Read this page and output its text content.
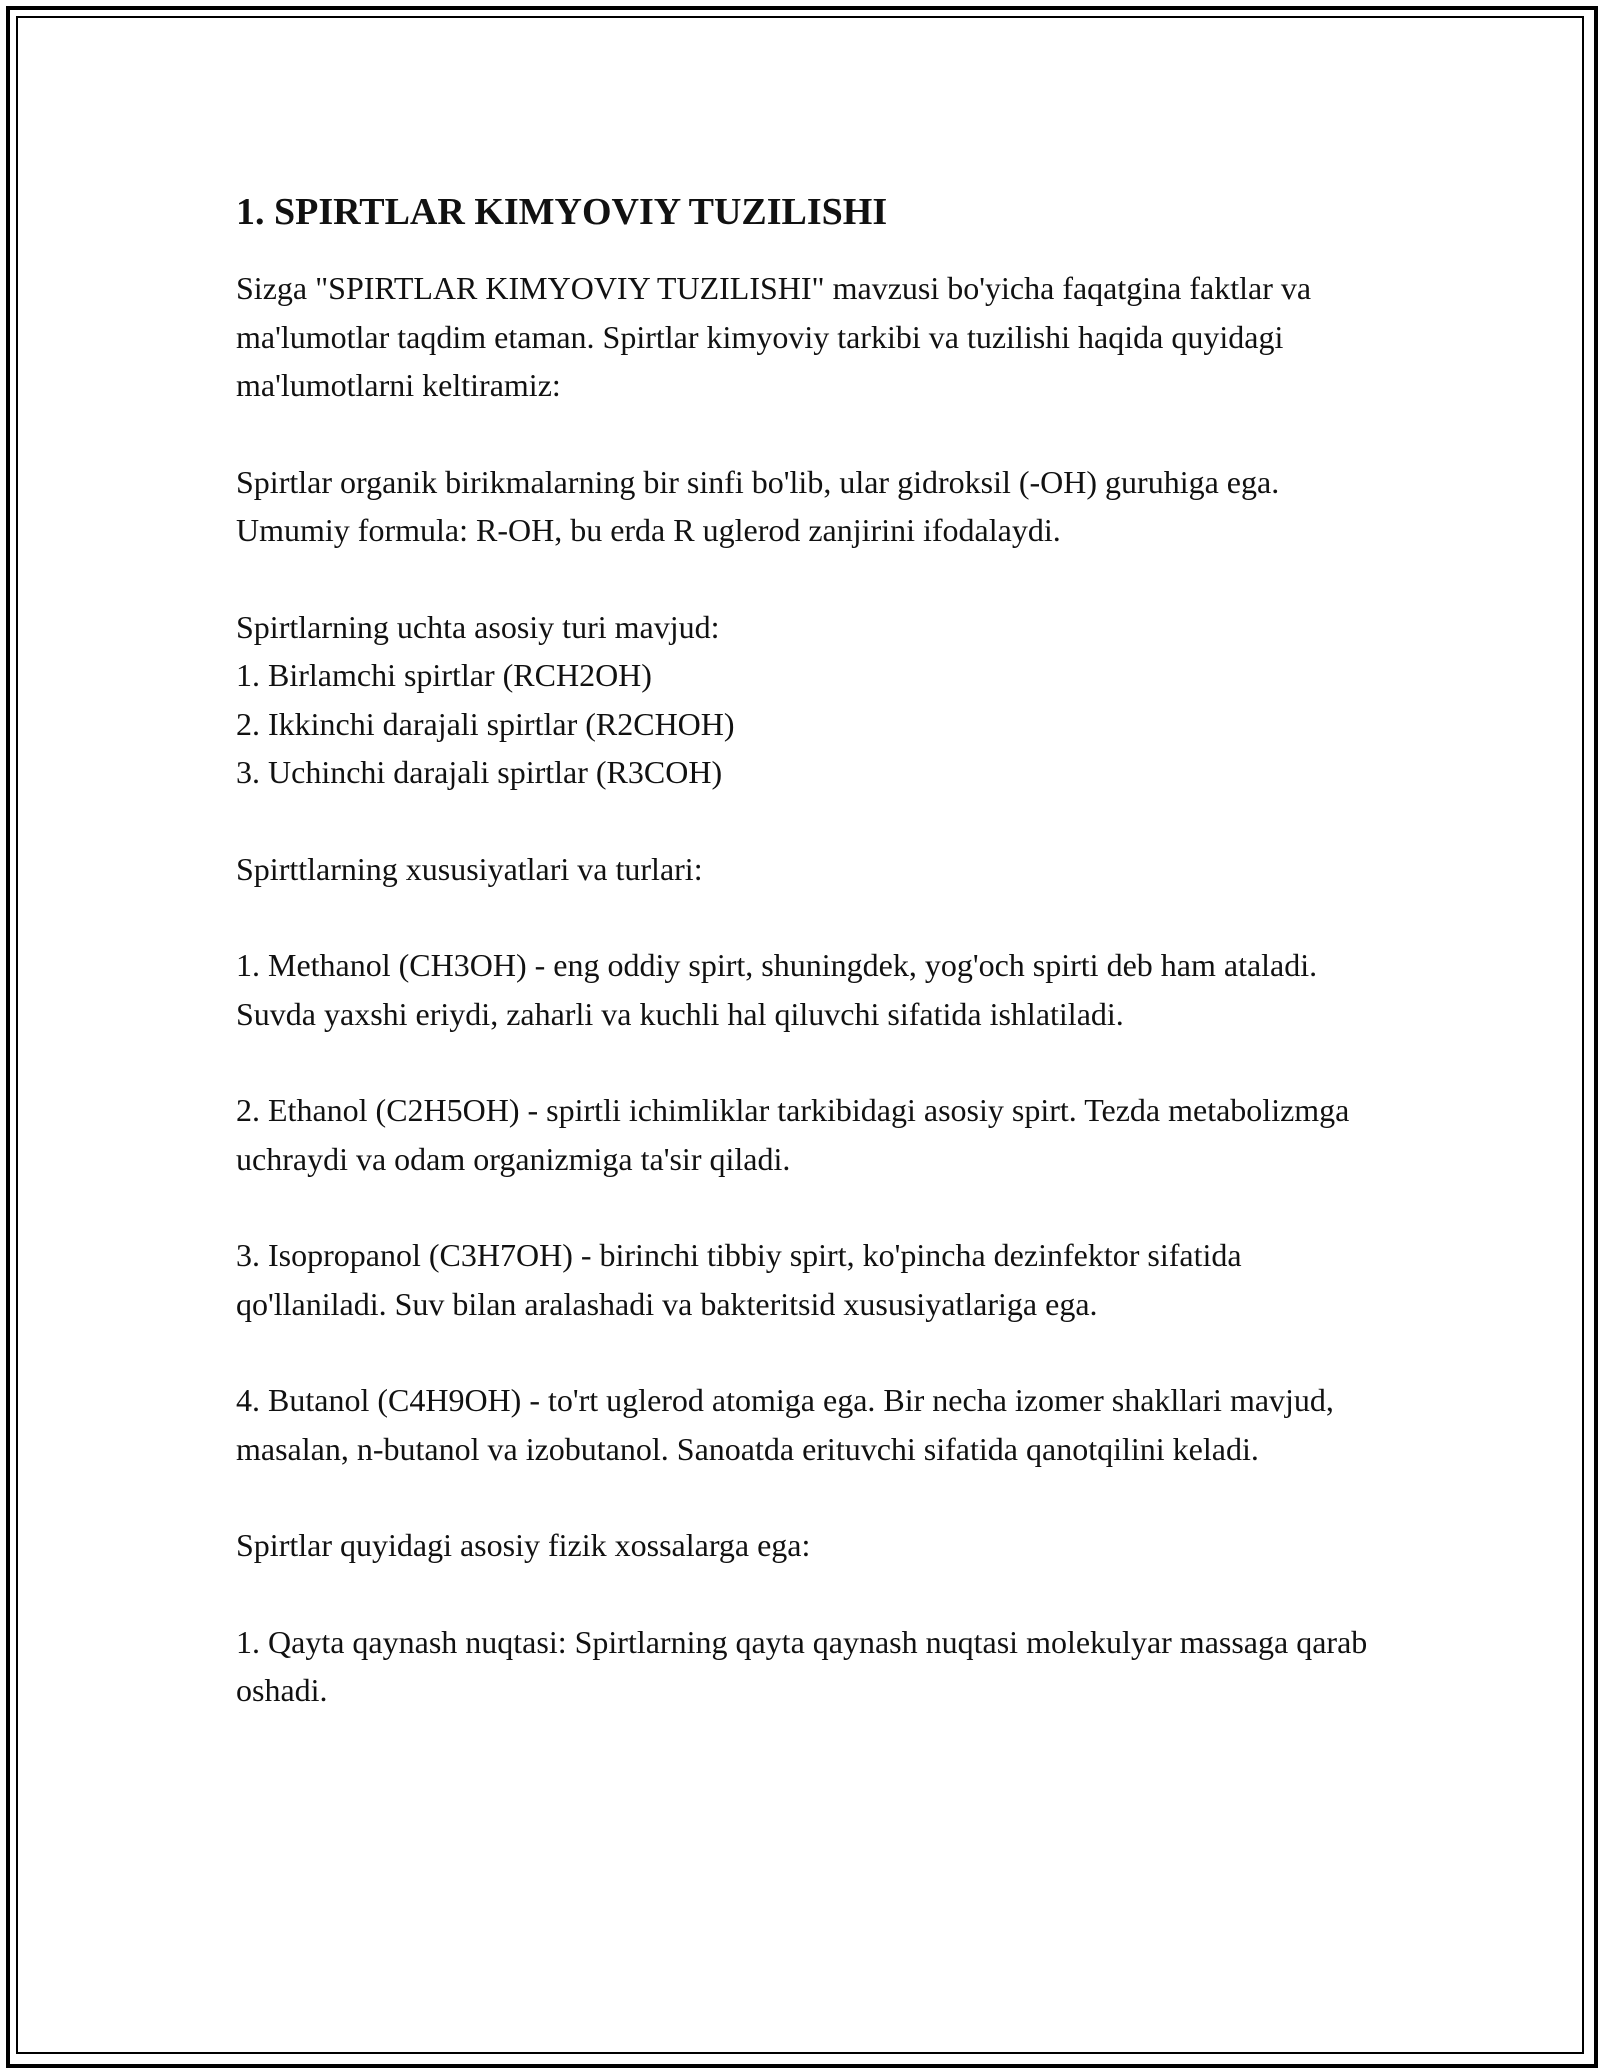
1. SPIRTLAR KIMYOVIY TUZILISHI

Sizga "SPIRTLAR KIMYOVIY TUZILISHI" mavzusi bo'yicha faqatgina faktlar va ma'lumotlar taqdim etaman. Spirtlar kimyoviy tarkibi va tuzilishi haqida quyidagi ma'lumotlarni keltiramiz:

Spirtlar organik birikmalarning bir sinfi bo'lib, ular gidroksil (-OH) guruhiga ega. Umumiy formula: R-OH, bu erda R uglerod zanjirini ifodalaydi.

Spirtlarning uchta asosiy turi mavjud:
1. Birlamchi spirtlar (RCH2OH)
2. Ikkinchi darajali spirtlar (R2CHOH)
3. Uchinchi darajali spirtlar (R3COH)

Spirttlarning xususiyatlari va turlari:

1. Methanol (CH3OH) - eng oddiy spirt, shuningdek, yog'och spirti deb ham ataladi. Suvda yaxshi eriydi, zaharli va kuchli hal qiluvchi sifatida ishlatiladi.

2. Ethanol (C2H5OH) - spirtli ichimliklar tarkibidagi asosiy spirt. Tezda metabolizmga uchraydi va odam organizmiga ta'sir qiladi.

3. Isopropanol (C3H7OH) - birinchi tibbiy spirt, ko'pincha dezinfektor sifatida qo'llaniladi. Suv bilan aralashadi va bakteritsid xususiyatlariga ega.

4. Butanol (C4H9OH) - to'rt uglerod atomiga ega. Bir necha izomer shakllari mavjud, masalan, n-butanol va izobutanol. Sanoatda erituvchi sifatida qanotqilini keladi.

Spirtlar quyidagi asosiy fizik xossalarga ega:

1. Qayta qaynash nuqtasi: Spirtlarning qayta qaynash nuqtasi molekulyar massaga qarab oshadi.
